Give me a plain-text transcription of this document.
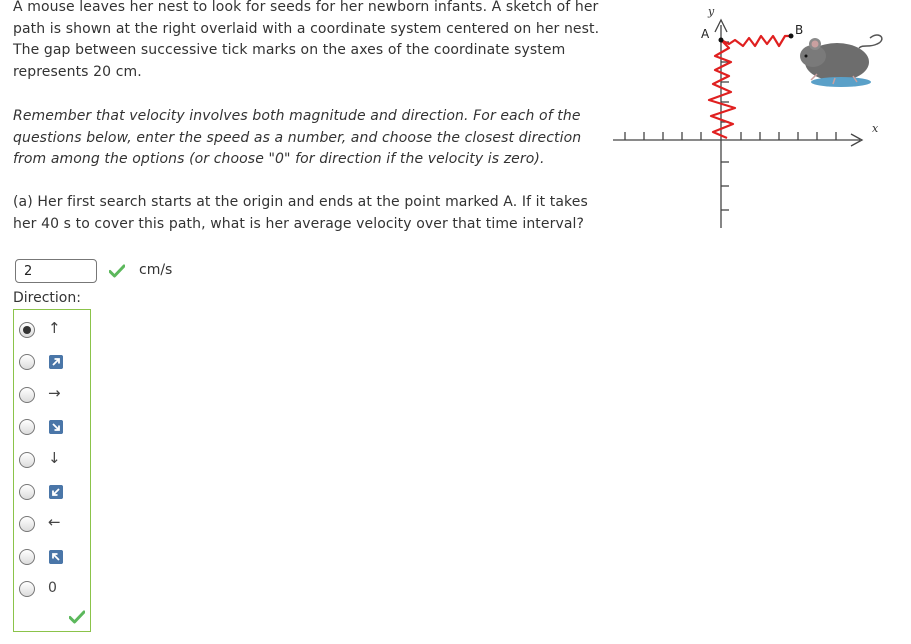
A mouse leaves her nest to look for seeds for her newborn infants. A sketch of her path is shown at the right overlaid with a coordinate system centered on her nest. The gap between successive tick marks on the axes of the coordinate system represents 20 cm.
Remember that velocity involves both magnitude and direction. For each of the questions below, enter the speed as a number, and choose the closest direction from among the options (or choose "0" for direction if the velocity is zero).
(a) Her first search starts at the origin and ends at the point marked A. If it takes her 40 s to cover this path, what is her average velocity over that time interval?
2
cm/s
Direction:
↑
→
↓
←
0
x
y
A	B
